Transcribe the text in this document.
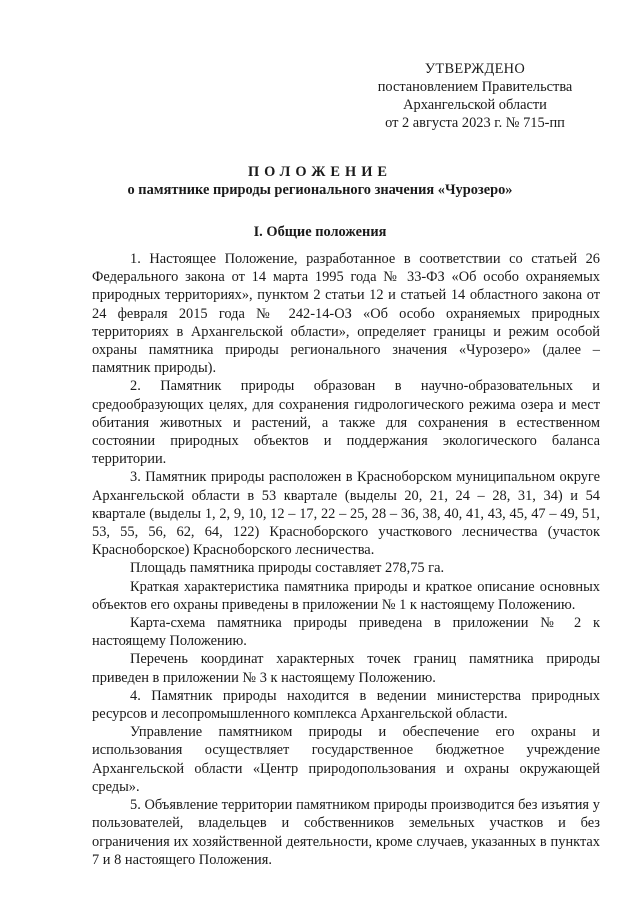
УТВЕРЖДЕНО
постановлением Правительства
Архангельской области
от 2 августа 2023 г. № 715-пп
ПОЛОЖЕНИЕ
о памятнике природы регионального значения «Чурозеро»
I. Общие положения

1. Настоящее Положение, разработанное в соответствии со статьей 26 Федерального закона от 14 марта 1995 года № 33-ФЗ «Об особо охраняемых природных территориях», пунктом 2 статьи 12 и статьей 14 областного закона от 24 февраля 2015 года № 242-14-ОЗ «Об особо охраняемых природных территориях в Архангельской области», определяет границы и режим особой охраны памятника природы регионального значения «Чурозеро» (далее – памятник природы).

2. Памятник природы образован в научно-образовательных и средообразующих целях, для сохранения гидрологического режима озера и мест обитания животных и растений, а также для сохранения в естественном состоянии природных объектов и поддержания экологического баланса территории.

3. Памятник природы расположен в Красноборском муниципальном округе Архангельской области в 53 квартале (выделы 20, 21, 24 – 28, 31, 34) и 54 квартале (выделы 1, 2, 9, 10, 12 – 17, 22 – 25, 28 – 36, 38, 40, 41, 43, 45, 47 – 49, 51, 53, 55, 56, 62, 64, 122) Красноборского участкового лесничества (участок Красноборское) Красноборского лесничества.

Площадь памятника природы составляет 278,75 га.

Краткая характеристика памятника природы и краткое описание основных объектов его охраны приведены в приложении № 1 к настоящему Положению.

Карта-схема памятника природы приведена в приложении № 2 к настоящему Положению.

Перечень координат характерных точек границ памятника природы приведен в приложении № 3 к настоящему Положению.

4. Памятник природы находится в ведении министерства природных ресурсов и лесопромышленного комплекса Архангельской области.

Управление памятником природы и обеспечение его охраны и использования осуществляет государственное бюджетное учреждение Архангельской области «Центр природопользования и охраны окружающей среды».

5. Объявление территории памятником природы производится без изъятия у пользователей, владельцев и собственников земельных участков и без ограничения их хозяйственной деятельности, кроме случаев, указанных в пунктах 7 и 8 настоящего Положения.
